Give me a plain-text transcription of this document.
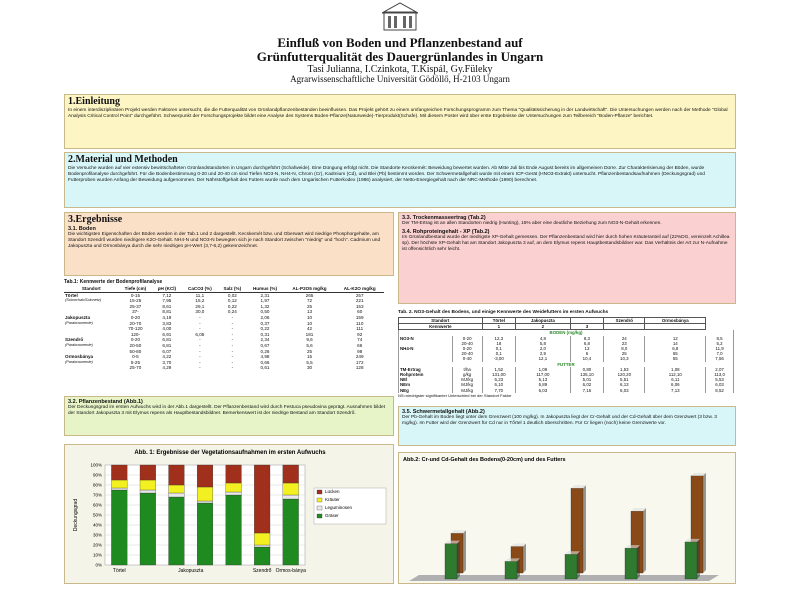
Einfluß von Boden und Pflanzenbestand auf
Grünfutterqualität des Dauergrünlandes in Ungarn
Tasi Julianna, I.Czinkota, T.Kispál, Gy.Füleky
Agrarwissenschaftliche Universität Gödöllő, H-2103 Ungarn
1.Einleitung

In einem interdisziplinären Projekt werden Faktoren untersucht, die die Futterqualität von Grünlandpflanzenbeständen beeinflussen. Das Projekt gehört zu einem umfangreichen Forschungsprogramm zum Thema "Qualitätssicherung in der Landwirtschaft". Die Untersuchungen werden nach der Methode "Global Analysis Critical Control Point" durchgeführt. Schwerpunkt der Forschungsprojekte bildet eine Analyse des Systems Boden-Pflanze(Naturweide)-Tierprodukt(Schafe). Mit diesem Poster wird über erste Ergebnisse der Untersuchungen zum Teilbereich "Boden-Pflanze" berichtet.

2.Material und Methoden

Die Versuche wurden auf vier extensiv bewirtschafteten Grünlandstandorten in Ungarn durchgeführt (Schafweide). Eine Düngung erfolgt nicht. Die Standorte Kecskemét: Beweidung bewertet wurden. Ab Mitte Juli bis Ende August bereits im allgemeinen Dürre. Zur Charakterisierung der Böden, wurde Bodenprofilanalyse durchgeführt. Für die Bodenbestimmung 0-20 und 20-40 cm sind Tiefen NO3-N, NH4-N, Chrom (Cr), Kadmium (Cd), und Blei (Pb) bestimmt worden. Der Schwermetallgehalt wurde mit einem ICP-Gerät (HNO3-Extrakt) untersucht. Pflanzenbestandsaufnahmen (Deckungsgrad) und Futterproben wurden Anfang der Beweidung aufgenommen. Der Nährstoffgehalt des Futters wurde nach dem Ungarischen Futterkodex (1986) analysiert, der Netto-Energiegehalt nach der NRC-Methode (1990) berechnet.

3.Ergebnisse
3.1. Boden

Die wichtigsten Eigenschaften der Böden werden in der Tab.1 und 2 dargestellt. Kecskemét bzw. und Oberwart wird niedrige Phosphorgehalte, am Standort Szendrő wurden niedrigere K2O-Gehalt. NH4-N und NO3-N bewegten sich je nach Standort zwischen "niedrig" und "hoch". Cadmium und Jakopuszta und Ormosbánya durch die sehr niedrigen pH-Wert (3,7-6,2) gekennzeichnet.

Tab.1: Kennwerte der Bodenprofilanalyse
Standort	Tiefe (cm)	pH (KCl)	CaCO3 (%)	Salz (%)	Humus (%)	AL-P2O5 mg/kg	AL-K2O mg/kg
Törtel	0-15	7,12	11,1	0,02	2,31	265	257
(Solonchak/Solonetz)	15-25	7,95	15,2	0,12	1,97	72	221
	25-37	8,61	29,1	0,22	1,32	25	153
	37-	8,81	30,0	0,24	0,50	13	60
Jakopuszta	0-20	4,19	-	-	2,06	10	159
(Parabraunerde)	20-70	3,83	-	-	0,37	10	110
	70-120	4,00	-	-	0,22	42	111
	120-	6,91	6,05	-	0,31	181	92
Szendrő	0-20	6,81	-	-	2,34	9,6	74
(Parabraunerde)	20-50	6,81	-	-	0,67	5,6	66
	50-80	6,07	-	-	0,26	25	98
Ormosbánya	0-5	4,22	-	-	4,98	15	249
(Parabraunerde)	5-25	3,70	-	-	0,66	5,5	172
	25-70	4,29	-	-	0,61	30	128
3.2. Pflanzenbestand (Abb.1)

Der Deckungsgrad im ersten Aufwuchs wird in der Abb.1 dargestellt. Der Pflanzenbestand wird durch Festuca pseudovina geprägt. Ausnahmen bildet der Standort Jakopuszta 3 mit Elymus repens als Hauptbestandsbildner. Bemerkenswert ist der niedrige Bestand am Standort Szendrő.

Abb. 1: Ergebnisse der Vegetationsaufnahmen im ersten Aufwuchs
0%
10%
20%
30%
40%
50%
60%
70%
80%
90%
100%
Deckungsgrad
Törtel	Jakopuszta	Szendrő Ormos-bánya
Lücken
Kräuter
Leguminosen
Gräser
3.3. Trockenmasseertrag (Tab.2)

Der TM-Ertrag ist an allen Standorten niedrig (Hunting), 15% aber eine deutliche Beziehung zum NO3-N-Gehalt erkennen.

3.4. Rohproteingehalt - XP (Tab.2)

Im Grünlandbestand wurde der niedrigste XP-Gehalt gemessen. Der Pflanzenbestand wird hier durch hohen Kräuteranteil auf (22%DG, vereinzelt Achillea sp). Der höchste XP-Gehalt hat am Standort Jakopuszta 3 auf, an dem Elymus repens Hauptbestandsbildner war. Das Verhältnis der Art zur N-Aufnahme ist offensichtlich sehr leicht.

Tab. 2. NO3-Gehalt des Bodens, und einige Kennwerte des Weidefutters im ersten Aufwuchs
Standort		Törtel	Jakopuszta		Szendrő	Ormosbánya	
Kennwerte		1	2	3			
BODEN (mg/kg)							
NO3-N	0-20	12,3	4,8	8,3	24	12	8,5
	20-40	18	5,8	6,8	23	14	5,2
NH4-N	0-20	0,1	2,0	13	8,0	6,8	11,9
	20-40	0,1	2,9	6	25	65	7,0
	0-40	-3,00	12,1	10,4	10,3	55	7,56
FUTTER							
TM-Ertrag	t/ha	1,52	1,09	0,80	1,53	1,08	2,07
Rohprotein	g/kg	131,00	117,00	135,10	120,20	112,10	113,0
NEl	MJ/kg	6,23	5,13	5,01	5,51	6,11	5,53
NEm	MJ/kg	6,10	5,89	6,02	6,13	6,06	6,03
NEg	MJ/kg	7,70	6,03	7,16	6,03	7,13	8,52
NS=niedrigster signifikanter Unterschied bei der Standort Faktor
3.5. Schwermetallgehalt (Abb.2)

Der Pb-Gehalt im Boden liegt unter dem Grenzwert (100 mg/kg). In Jakopuszta liegt der Cr-Gehalt und der Cd-Gehalt über dem Grenzwert (3 bzw. 3 mg/kg). Im Futter wird der Grenzwert für Cd nur in Tőrtel 1 deutlich überschritten. Für Cr liegen (noch) keine Grenzwerte vor.

Abb.2: Cr-und Cd-Gehalt des Bodens(0-20cm) und des Futters
